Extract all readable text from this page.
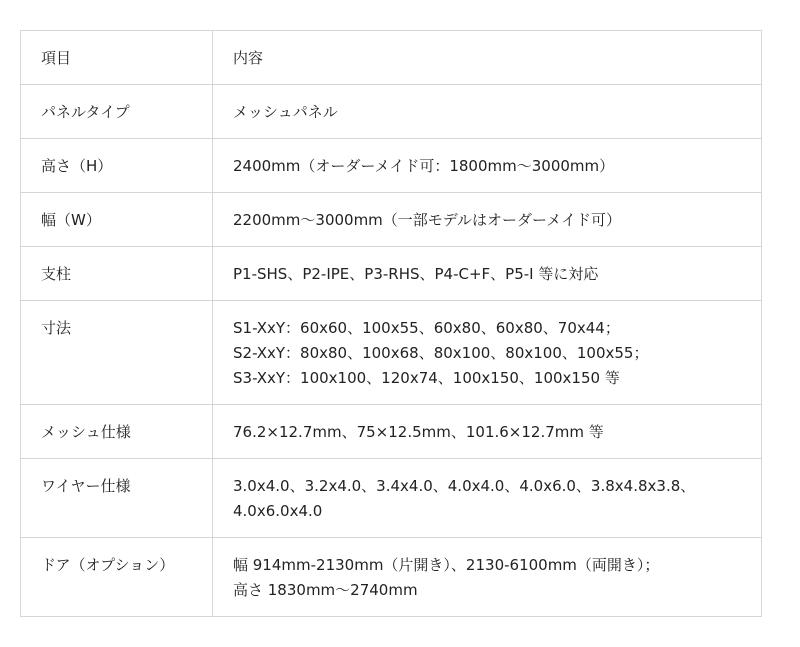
項目	内容

パネルタイプ	メッシュパネル

高さ（H）	2400mm（オーダーメイド可：1800mm～3000mm）

幅（W）	2200mm～3000mm（一部モデルはオーダーメイド可）

支柱	P1-SHS、P2-IPE、P3-RHS、P4-C+F、P5-I 等に対応

寸法	S1-XxY：60x60、100x55、60x80、60x80、70x44；
S2-XxY：80x80、100x68、80x100、80x100、100x55；
S3-XxY：100x100、120x74、100x150、100x150 等

メッシュ仕様	76.2×12.7mm、75×12.5mm、101.6×12.7mm 等

ワイヤー仕様	3.0x4.0、3.2x4.0、3.4x4.0、4.0x4.0、4.0x6.0、3.8x4.8x3.8、
4.0x6.0x4.0

ドア（オプション）	幅 914mm-2130mm（片開き）、2130-6100mm（両開き）；
高さ 1830mm～2740mm
